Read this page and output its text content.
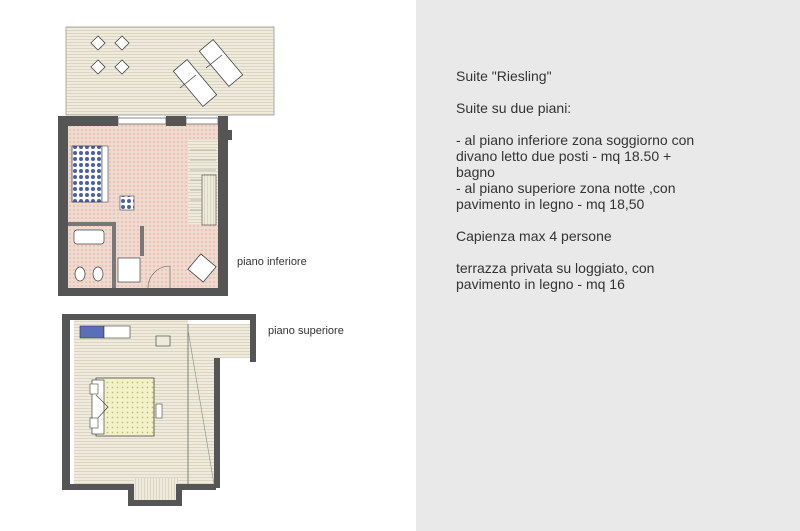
piano inferiore
piano superiore
Suite "Riesling"
Suite su due piani:
- al piano inferiore zona soggiorno con
divano letto due posti - mq 18.50 +
bagno
- al piano superiore zona notte ,con
pavimento in legno - mq 18,50
Capienza max 4 persone
terrazza privata su loggiato, con
pavimento in legno - mq 16
